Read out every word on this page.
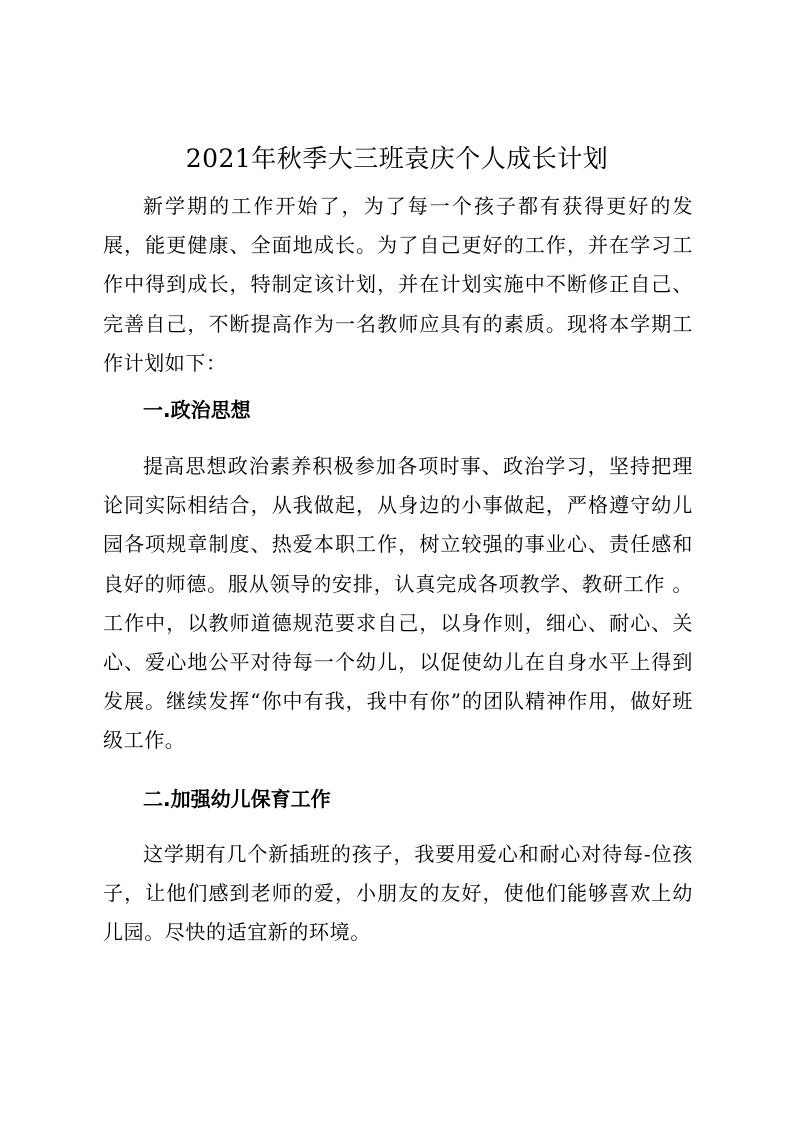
2021年秋季大三班袁庆个人成长计划

新学期的工作开始了，为了每一个孩子都有获得更好的发展，能更健康、全面地成长。为了自己更好的工作，并在学习工作中得到成长，特制定该计划，并在计划实施中不断修正自己、完善自己，不断提高作为一名教师应具有的素质。现将本学期工作计划如下：

一.政治思想

提高思想政治素养积极参加各项时事、政治学习，坚持把理论同实际相结合，从我做起，从身边的小事做起，严格遵守幼儿园各项规章制度、热爱本职工作，树立较强的事业心、责任感和良好的师德。服从领导的安排，认真完成各项教学、教研工作 。工作中，以教师道德规范要求自己，以身作则，细心、耐心、关心、爱心地公平对待每一个幼儿，以促使幼儿在自身水平上得到发展。继续发挥“你中有我，我中有你”的团队精神作用，做好班级工作。

二.加强幼儿保育工作

这学期有几个新插班的孩子，我要用爱心和耐心对待每-位孩子，让他们感到老师的爱，小朋友的友好，使他们能够喜欢上幼儿园。尽快的适宜新的环境。
